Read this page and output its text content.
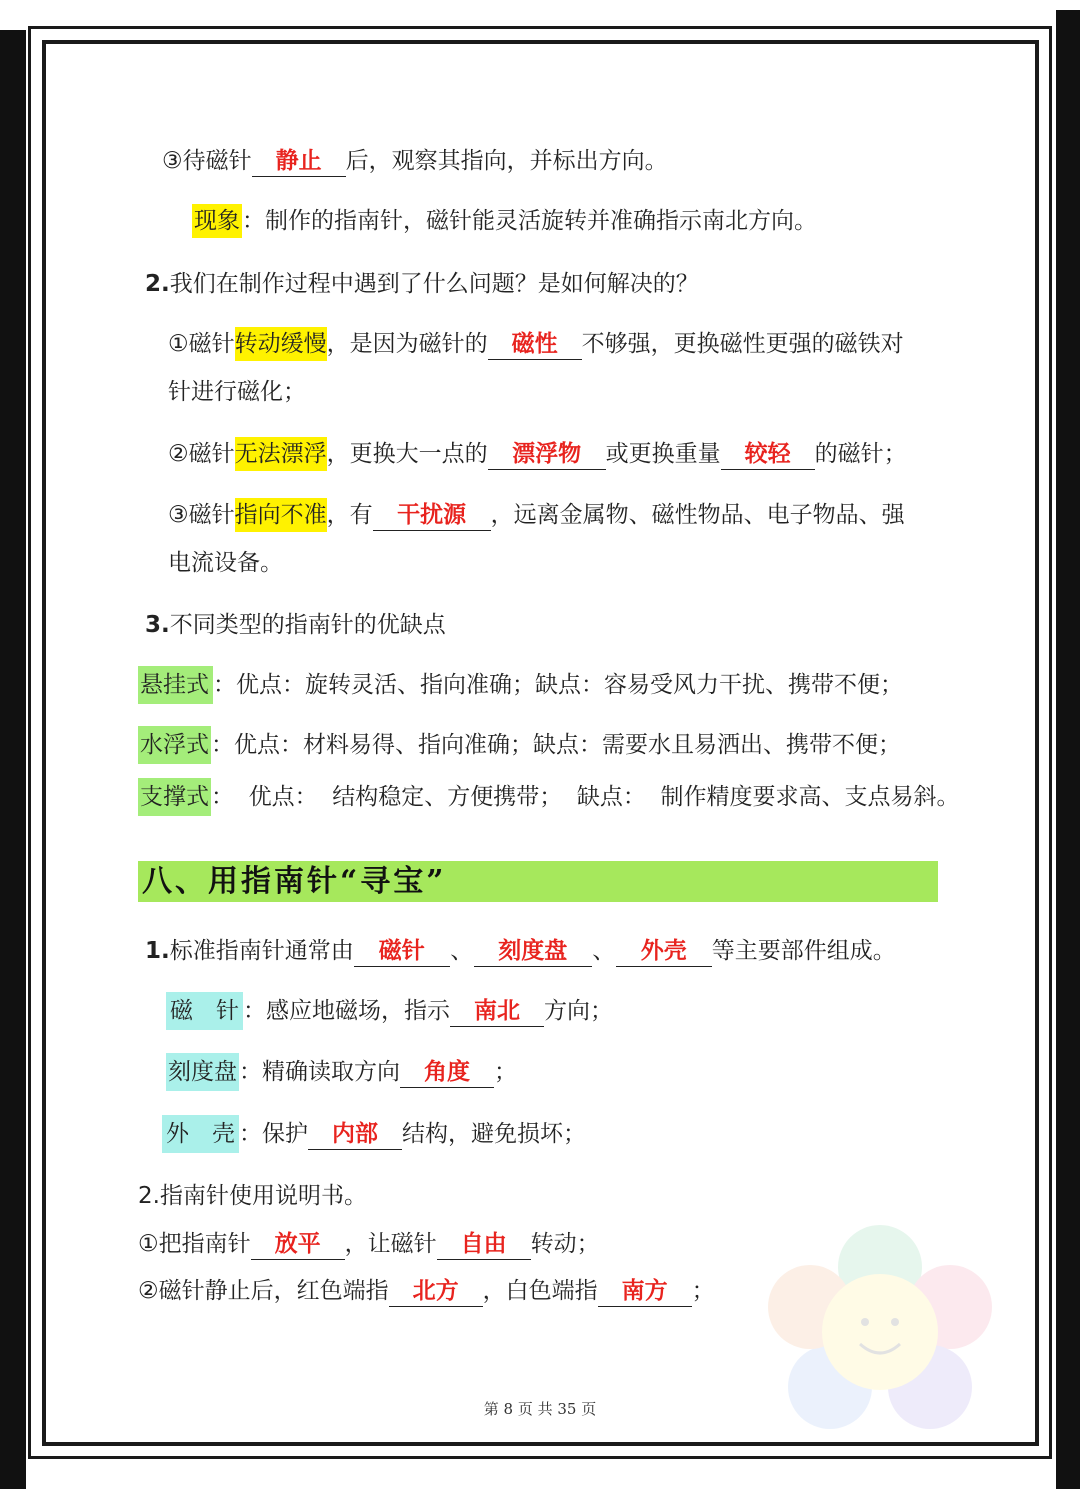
③待磁针 静止 后，观察其指向，并标出方向。
现象：制作的指南针，磁针能灵活旋转并准确指示南北方向。
2.我们在制作过程中遇到了什么问题？是如何解决的？
①磁针转动缓慢，是因为磁针的 磁性 不够强，更换磁性更强的磁铁对
针进行磁化；
②磁针无法漂浮，更换大一点的 漂浮物 或更换重量 较轻 的磁针；
③磁针指向不准，有 干扰源 ，远离金属物、磁性物品、电子物品、强
电流设备。
3.不同类型的指南针的优缺点
悬挂式 ：优点：旋转灵活、指向准确；缺点：容易受风力干扰、携带不便；
水浮式：优点：材料易得、指向准确；缺点：需要水且易洒出、携带不便；
支撑式：  优点：  结构稳定、方便携带；  缺点：  制作精度要求高、支点易斜。
八、用指南针“寻宝”
1.标准指南针通常由 磁针 、 刻度盘 、 外壳 等主要部件组成。
磁　针 ：感应地磁场，指示 南北 方向；
刻度盘：精确读取方向 角度 ；
外　壳 ：保护 内部 结构，避免损坏；
2.指南针使用说明书。
①把指南针 放平 ，让磁针 自由 转动；
②磁针静止后，红色端指 北方 ，白色端指 南方 ；
第 8 页 共 35 页
